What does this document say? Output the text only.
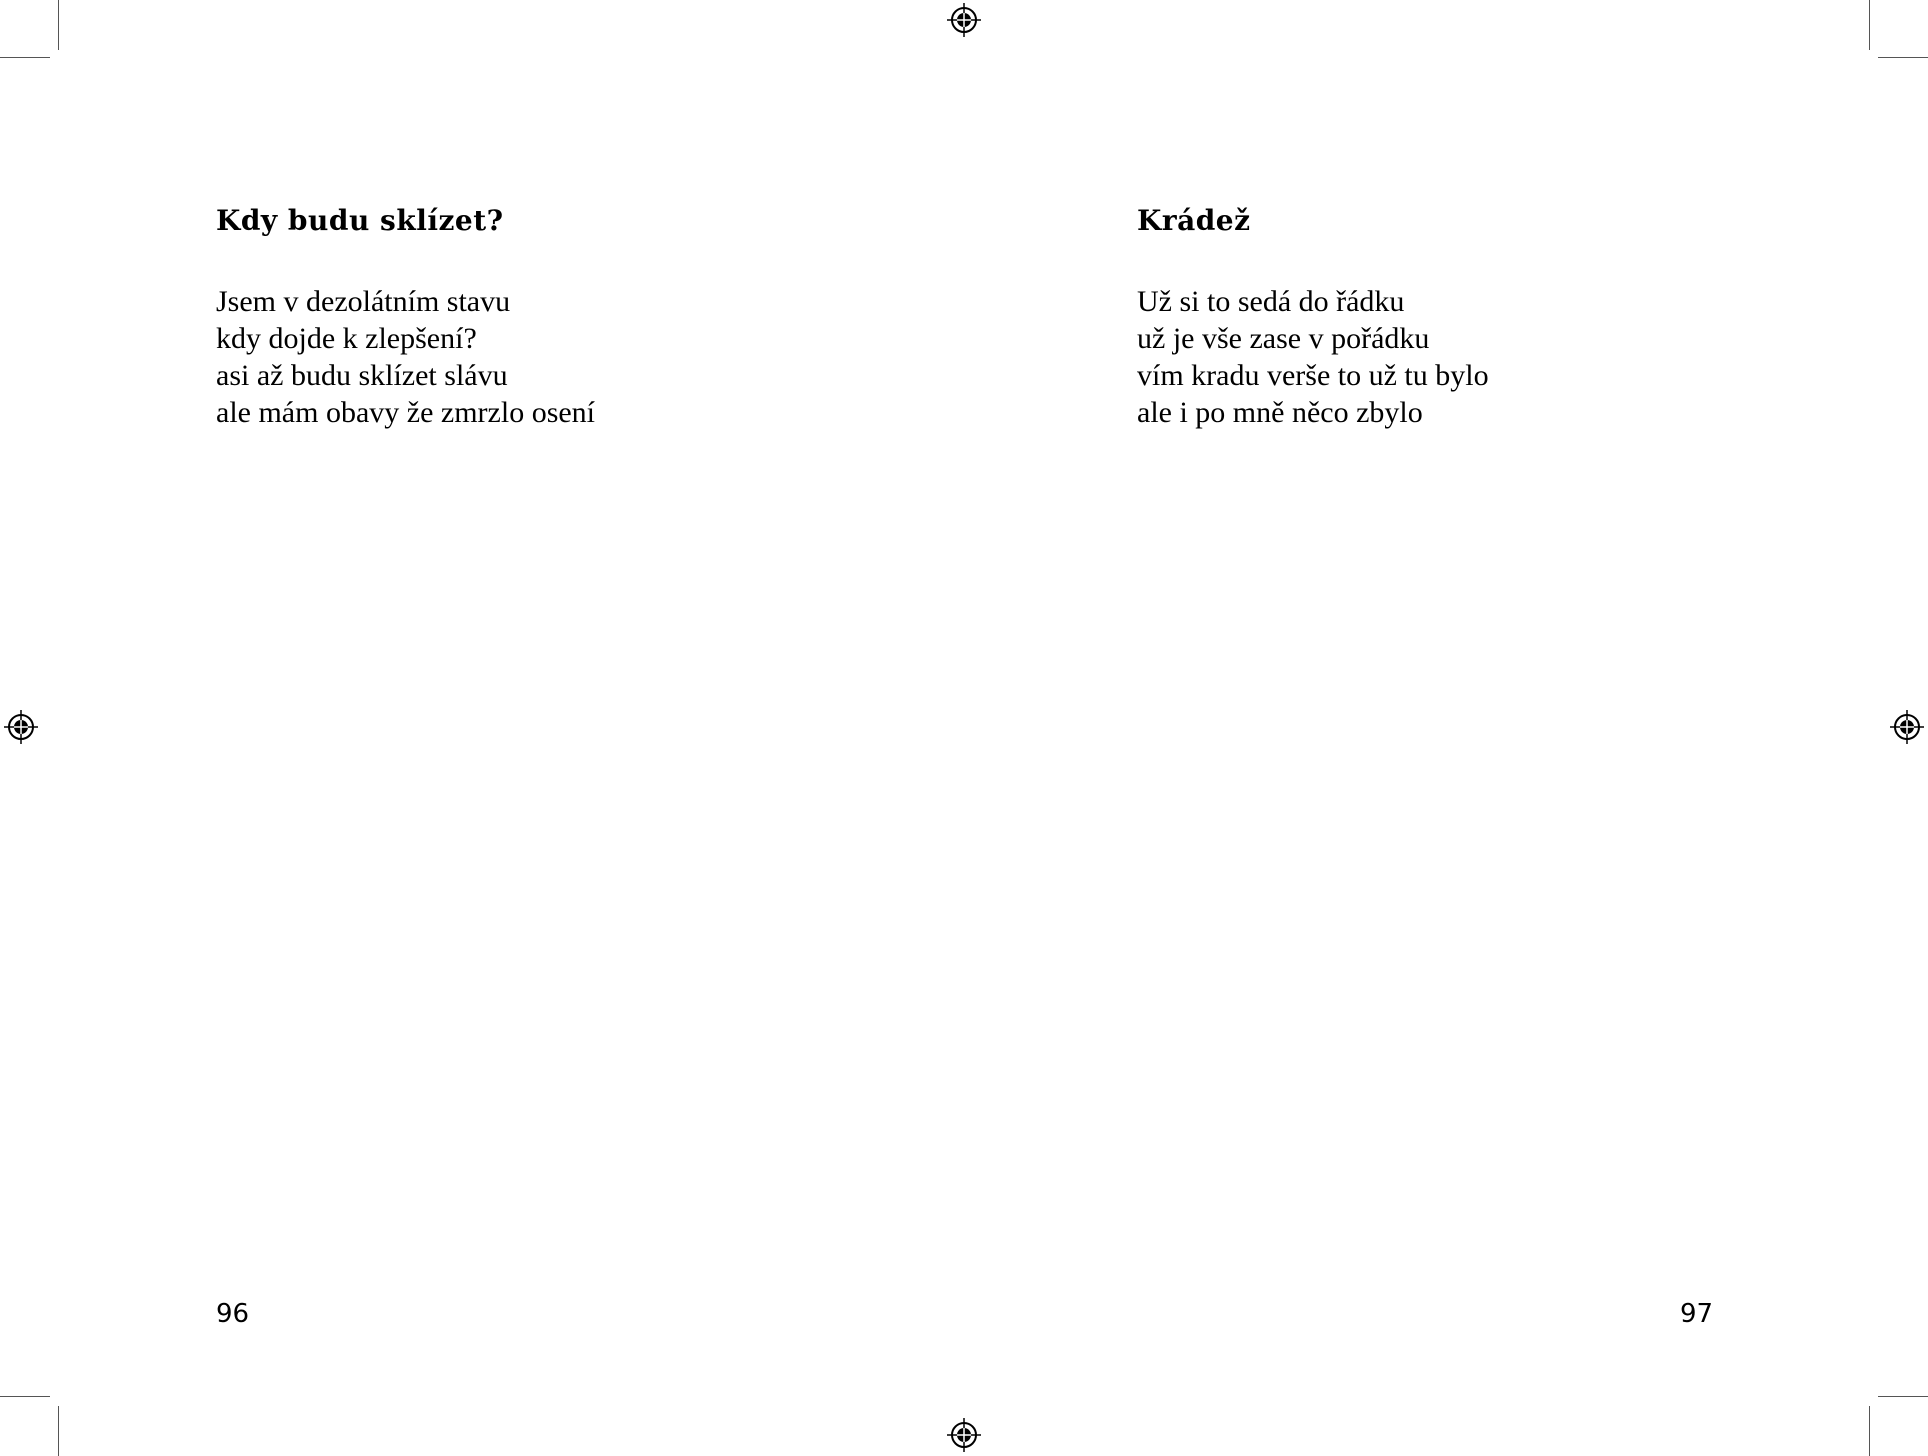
Kdy budu sklízet?
Jsem v dezolátním stavu
kdy dojde k zlepšení?
asi až budu sklízet slávu
ale mám obavy že zmrzlo osení
96
Krádež
Už si to sedá do řádku
už je vše zase v pořádku
vím kradu verše to už tu bylo
ale i po mně něco zbylo
97
